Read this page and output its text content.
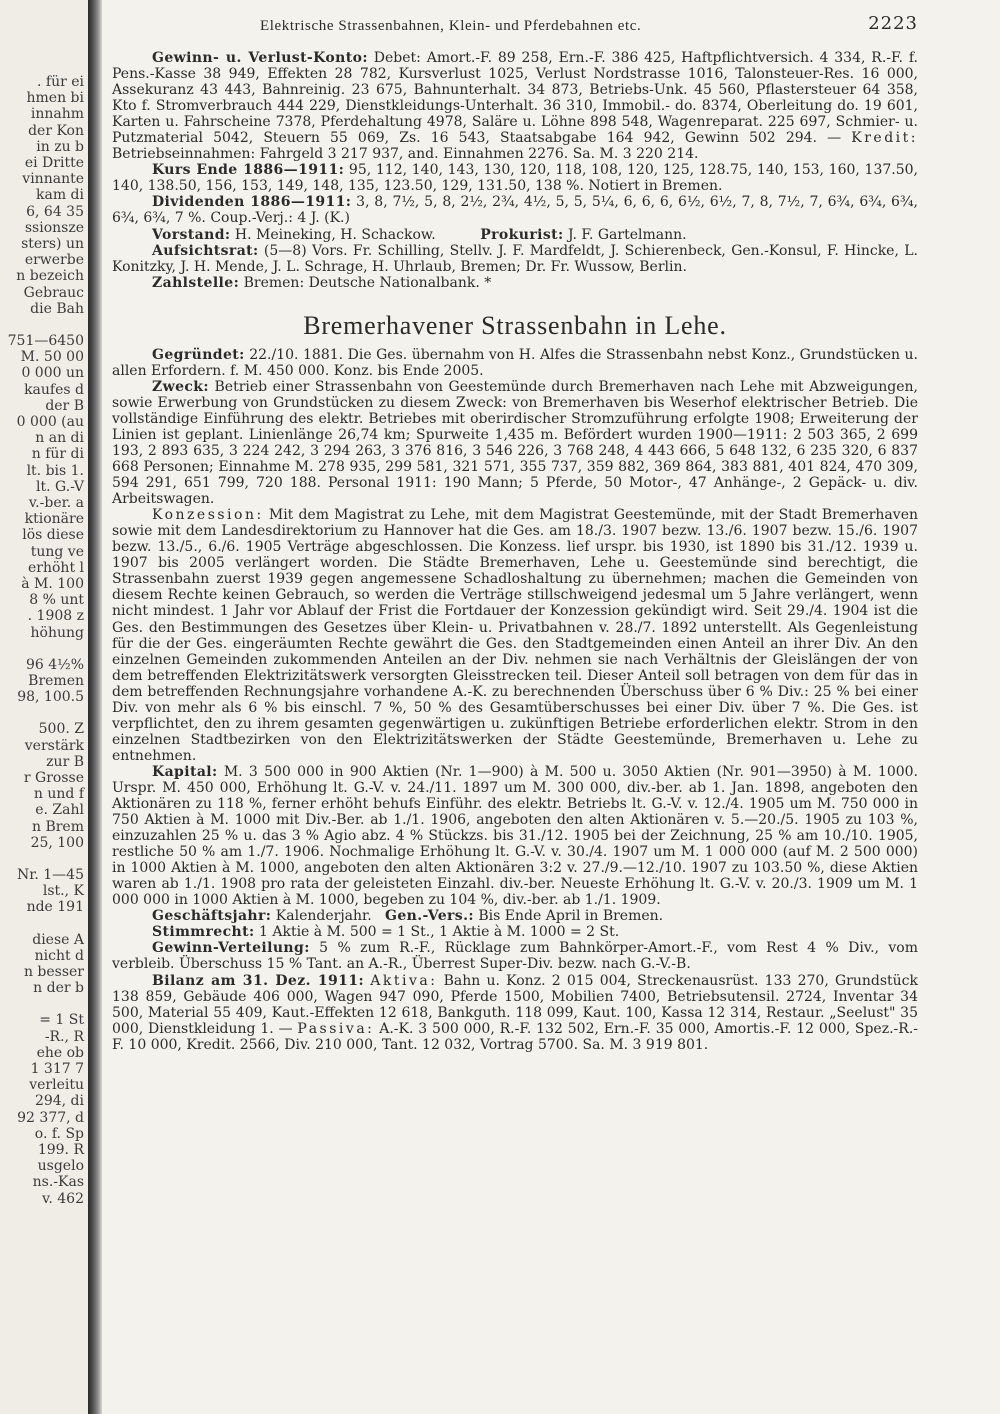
. für ei
hmen bi
innahm
der Kon
in zu b
ei Dritte
vinnante
kam di
6, 64 35
ssionsze
sters) un
erwerbe
n bezeich
Gebrauc
die Bah
751—6450
M. 50 00
0 000 un
kaufes d
der B
0 000 (au
n an di
n für di
lt. bis 1.
lt. G.-V
v.-ber. a
ktionäre
lös diese
tung ve
erhöht l
à M. 100
8 % unt
. 1908 z
höhung
96 4½%
Bremen
98, 100.5
500. Z
verstärk
zur B
r Grosse
n und f
e. Zahl
n Brem
25, 100
Nr. 1—45
lst., K
nde 191
diese A
nicht d
n besser
n der b
= 1 St
-R., R
ehe ob
1 317 7
verleitu
294, di
92 377, d
o. f. Sp
199. R
usgelo
ns.-Kas
v. 462
Elektrische Strassenbahnen, Klein- und Pferdebahnen etc.	2223

Gewinn- u. Verlust-Konto: Debet: Amort.-F. 89 258, Ern.-F. 386 425, Haftpflichtversich. 4 334, R.-F. f. Pens.-Kasse 38 949, Effekten 28 782, Kursverlust 1025, Verlust Nordstrasse 1016, Talonsteuer-Res. 16 000, Assekuranz 43 443, Bahnreinig. 23 675, Bahnunterhalt. 34 873, Betriebs-Unk. 45 560, Pflastersteuer 64 358, Kto f. Stromverbrauch 444 229, Dienstkleidungs-Unterhalt. 36 310, Immobil.- do. 8374, Oberleitung do. 19 601, Karten u. Fahrscheine 7378, Pferdehaltung 4978, Saläre u. Löhne 898 548, Wagenreparat. 225 697, Schmier- u. Putzmaterial 5042, Steuern 55 069, Zs. 16 543, Staatsabgabe 164 942, Gewinn 502 294. — Kredit: Betriebseinnahmen: Fahrgeld 3 217 937, and. Einnahmen 2276. Sa. M. 3 220 214.

Kurs Ende 1886—1911: 95, 112, 140, 143, 130, 120, 118, 108, 120, 125, 128.75, 140, 153, 160, 137.50, 140, 138.50, 156, 153, 149, 148, 135, 123.50, 129, 131.50, 138 %. Notiert in Bremen.

Dividenden 1886—1911: 3, 8, 7½, 5, 8, 2½, 2¾, 4½, 5, 5, 5¼, 6, 6, 6, 6½, 6½, 7, 8, 7½, 7, 6¾, 6¾, 6¾, 6¾, 6¾, 7 %. Coup.-Verj.: 4 J. (K.)

Vorstand: H. Meineking, H. Schackow.	Prokurist: J. F. Gartelmann.

Aufsichtsrat: (5—8) Vors. Fr. Schilling, Stellv. J. F. Mardfeldt, J. Schierenbeck, Gen.-Konsul, F. Hincke, L. Konitzky, J. H. Mende, J. L. Schrage, H. Uhrlaub, Bremen; Dr. Fr. Wussow, Berlin.

Zahlstelle: Bremen: Deutsche Nationalbank. *

Bremerhavener Strassenbahn in Lehe.

Gegründet: 22./10. 1881. Die Ges. übernahm von H. Alfes die Strassenbahn nebst Konz., Grundstücken u. allen Erfordern. f. M. 450 000. Konz. bis Ende 2005.

Zweck: Betrieb einer Strassenbahn von Geestemünde durch Bremerhaven nach Lehe mit Abzweigungen, sowie Erwerbung von Grundstücken zu diesem Zweck: von Bremerhaven bis Weserhof elektrischer Betrieb. Die vollständige Einführung des elektr. Betriebes mit oberirdischer Stromzuführung erfolgte 1908; Erweiterung der Linien ist geplant. Linienlänge 26,74 km; Spurweite 1,435 m. Befördert wurden 1900—1911: 2 503 365, 2 699 193, 2 893 635, 3 224 242, 3 294 263, 3 376 816, 3 546 226, 3 768 248, 4 443 666, 5 648 132, 6 235 320, 6 837 668 Personen; Einnahme M. 278 935, 299 581, 321 571, 355 737, 359 882, 369 864, 383 881, 401 824, 470 309, 594 291, 651 799, 720 188. Personal 1911: 190 Mann; 5 Pferde, 50 Motor-, 47 Anhänge-, 2 Gepäck- u. div. Arbeitswagen.

Konzession: Mit dem Magistrat zu Lehe, mit dem Magistrat Geestemünde, mit der Stadt Bremerhaven sowie mit dem Landesdirektorium zu Hannover hat die Ges. am 18./3. 1907 bezw. 13./6. 1907 bezw. 15./6. 1907 bezw. 13./5., 6./6. 1905 Verträge abgeschlossen. Die Konzess. lief urspr. bis 1930, ist 1890 bis 31./12. 1939 u. 1907 bis 2005 verlängert worden. Die Städte Bremerhaven, Lehe u. Geestemünde sind berechtigt, die Strassenbahn zuerst 1939 gegen angemessene Schadloshaltung zu übernehmen; machen die Gemeinden von diesem Rechte keinen Gebrauch, so werden die Verträge stillschweigend jedesmal um 5 Jahre verlängert, wenn nicht mindest. 1 Jahr vor Ablauf der Frist die Fortdauer der Konzession gekündigt wird. Seit 29./4. 1904 ist die Ges. den Bestimmungen des Gesetzes über Klein- u. Privatbahnen v. 28./7. 1892 unterstellt. Als Gegenleistung für die der Ges. eingeräumten Rechte gewährt die Ges. den Stadtgemeinden einen Anteil an ihrer Div. An den einzelnen Gemeinden zukommenden Anteilen an der Div. nehmen sie nach Verhältnis der Gleislängen der von dem betreffenden Elektrizitätswerk versorgten Gleisstrecken teil. Dieser Anteil soll betragen von dem für das in dem betreffenden Rechnungsjahre vorhandene A.-K. zu berechnenden Überschuss über 6 % Div.: 25 % bei einer Div. von mehr als 6 % bis einschl. 7 %, 50 % des Gesamtüberschusses bei einer Div. über 7 %. Die Ges. ist verpflichtet, den zu ihrem gesamten gegenwärtigen u. zukünftigen Betriebe erforderlichen elektr. Strom in den einzelnen Stadtbezirken von den Elektrizitätswerken der Städte Geestemünde, Bremerhaven u. Lehe zu entnehmen.

Kapital: M. 3 500 000 in 900 Aktien (Nr. 1—900) à M. 500 u. 3050 Aktien (Nr. 901—3950) à M. 1000. Urspr. M. 450 000, Erhöhung lt. G.-V. v. 24./11. 1897 um M. 300 000, div.-ber. ab 1. Jan. 1898, angeboten den Aktionären zu 118 %, ferner erhöht behufs Einführ. des elektr. Betriebs lt. G.-V. v. 12./4. 1905 um M. 750 000 in 750 Aktien à M. 1000 mit Div.-Ber. ab 1./1. 1906, angeboten den alten Aktionären v. 5.—20./5. 1905 zu 103 %, einzuzahlen 25 % u. das 3 % Agio abz. 4 % Stückzs. bis 31./12. 1905 bei der Zeichnung, 25 % am 10./10. 1905, restliche 50 % am 1./7. 1906. Nochmalige Erhöhung lt. G.-V. v. 30./4. 1907 um M. 1 000 000 (auf M. 2 500 000) in 1000 Aktien à M. 1000, angeboten den alten Aktionären 3:2 v. 27./9.—12./10. 1907 zu 103.50 %, diese Aktien waren ab 1./1. 1908 pro rata der geleisteten Einzahl. div.-ber. Neueste Erhöhung lt. G.-V. v. 20./3. 1909 um M. 1 000 000 in 1000 Aktien à M. 1000, begeben zu 104 %, div.-ber. ab 1./1. 1909.

Geschäftsjahr: Kalenderjahr. Gen.-Vers.: Bis Ende April in Bremen.

Stimmrecht: 1 Aktie à M. 500 = 1 St., 1 Aktie à M. 1000 = 2 St.

Gewinn-Verteilung: 5 % zum R.-F., Rücklage zum Bahnkörper-Amort.-F., vom Rest 4 % Div., vom verbleib. Überschuss 15 % Tant. an A.-R., Überrest Super-Div. bezw. nach G.-V.-B.

Bilanz am 31. Dez. 1911: Aktiva: Bahn u. Konz. 2 015 004, Streckenausrüst. 133 270, Grundstück 138 859, Gebäude 406 000, Wagen 947 090, Pferde 1500, Mobilien 7400, Betriebsutensil. 2724, Inventar 34 500, Material 55 409, Kaut.-Effekten 12 618, Bankguth. 118 099, Kaut. 100, Kassa 12 314, Restaur. „Seelust" 35 000, Dienstkleidung 1. — Passiva: A.-K. 3 500 000, R.-F. 132 502, Ern.-F. 35 000, Amortis.-F. 12 000, Spez.-R.-F. 10 000, Kredit. 2566, Div. 210 000, Tant. 12 032, Vortrag 5700. Sa. M. 3 919 801.
